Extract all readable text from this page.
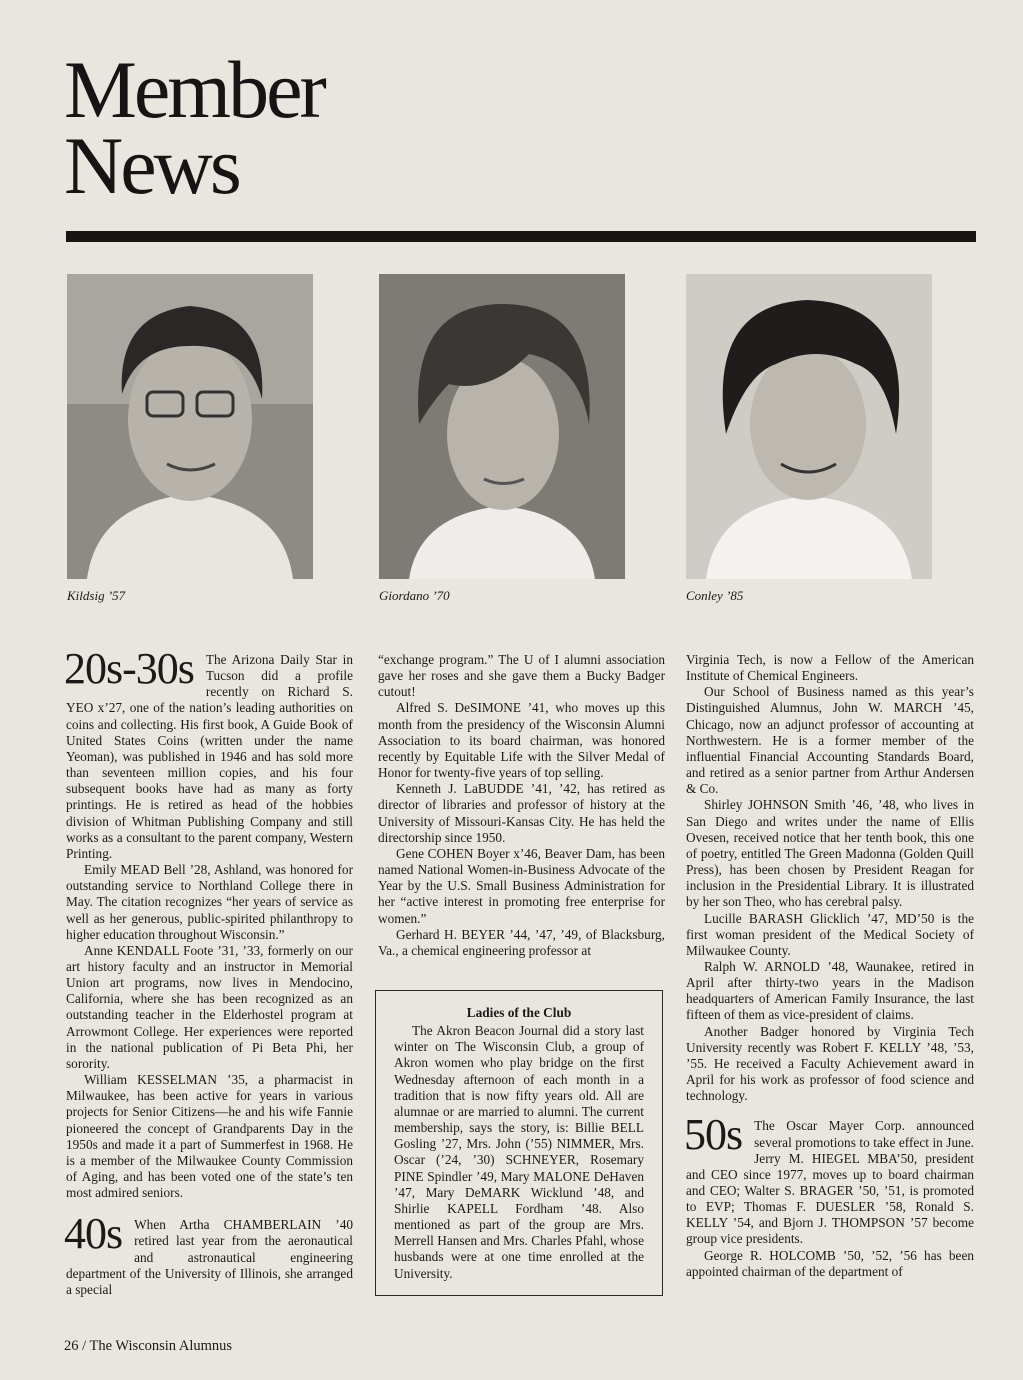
Member
News
Kildsig ’57	Giordano ’70	Conley ’85

20s-30s The Arizona Daily Star in Tucson did a profile recently on Richard S. YEO x’27, one of the nation’s leading authorities on coins and collecting. His first book, A Guide Book of United States Coins (written under the name Yeoman), was published in 1946 and has sold more than seventeen million copies, and his four subsequent books have had as many as forty printings. He is retired as head of the hobbies division of Whitman Publishing Company and still works as a consultant to the parent company, Western Printing.

Emily MEAD Bell ’28, Ashland, was honored for outstanding service to Northland College there in May. The citation recognizes “her years of service as well as her generous, public-spirited philanthropy to higher education throughout Wisconsin.”

Anne KENDALL Foote ’31, ’33, formerly on our art history faculty and an instructor in Memorial Union art programs, now lives in Mendocino, California, where she has been recognized as an outstanding teacher in the Elderhostel program at Arrowmont College. Her experiences were reported in the national publication of Pi Beta Phi, her sorority.

William KESSELMAN ’35, a pharmacist in Milwaukee, has been active for years in various projects for Senior Citizens—he and his wife Fannie pioneered the concept of Grandparents Day in the 1950s and made it a part of Summerfest in 1968. He is a member of the Milwaukee County Commission of Aging, and has been voted one of the state’s ten most admired seniors.

40s When Artha CHAMBERLAIN ’40 retired last year from the aeronautical and astronautical engineering department of the University of Illinois, she arranged a special

“exchange program.” The U of I alumni association gave her roses and she gave them a Bucky Badger cutout!

Alfred S. DeSIMONE ’41, who moves up this month from the presidency of the Wisconsin Alumni Association to its board chairman, was honored recently by Equitable Life with the Silver Medal of Honor for twenty-five years of top selling.

Kenneth J. LaBUDDE ’41, ’42, has retired as director of libraries and professor of history at the University of Missouri-Kansas City. He has held the directorship since 1950.

Gene COHEN Boyer x’46, Beaver Dam, has been named National Women-in-Business Advocate of the Year by the U.S. Small Business Administration for her “active interest in promoting free enterprise for women.”

Gerhard H. BEYER ’44, ’47, ’49, of Blacksburg, Va., a chemical engineering professor at

Ladies of the Club

The Akron Beacon Journal did a story last winter on The Wisconsin Club, a group of Akron women who play bridge on the first Wednesday afternoon of each month in a tradition that is now fifty years old. All are alumnae or are married to alumni. The current membership, says the story, is: Billie BELL Gosling ’27, Mrs. John (’55) NIMMER, Mrs. Oscar (’24, ’30) SCHNEYER, Rosemary PINE Spindler ’49, Mary MALONE DeHaven ’47, Mary DeMARK Wicklund ’48, and Shirlie KAPELL Fordham ’48. Also mentioned as part of the group are Mrs. Merrell Hansen and Mrs. Charles Pfahl, whose husbands were at one time enrolled at the University.

Virginia Tech, is now a Fellow of the American Institute of Chemical Engineers.

Our School of Business named as this year’s Distinguished Alumnus, John W. MARCH ’45, Chicago, now an adjunct professor of accounting at Northwestern. He is a former member of the influential Financial Accounting Standards Board, and retired as a senior partner from Arthur Andersen & Co.

Shirley JOHNSON Smith ’46, ’48, who lives in San Diego and writes under the name of Ellis Ovesen, received notice that her tenth book, this one of poetry, entitled The Green Madonna (Golden Quill Press), has been chosen by President Reagan for inclusion in the Presidential Library. It is illustrated by her son Theo, who has cerebral palsy.

Lucille BARASH Glicklich ’47, MD’50 is the first woman president of the Medical Society of Milwaukee County.

Ralph W. ARNOLD ’48, Waunakee, retired in April after thirty-two years in the Madison headquarters of American Family Insurance, the last fifteen of them as vice-president of claims.

Another Badger honored by Virginia Tech University recently was Robert F. KELLY ’48, ’53, ’55. He received a Faculty Achievement award in April for his work as professor of food science and technology.

50s The Oscar Mayer Corp. announced several promotions to take effect in June. Jerry M. HIEGEL MBA’50, president and CEO since 1977, moves up to board chairman and CEO; Walter S. BRAGER ’50, ’51, is promoted to EVP; Thomas F. DUESLER ’58, Ronald S. KELLY ’54, and Bjorn J. THOMPSON ’57 become group vice presidents.

George R. HOLCOMB ’50, ’52, ’56 has been appointed chairman of the department of

26 / The Wisconsin Alumnus
